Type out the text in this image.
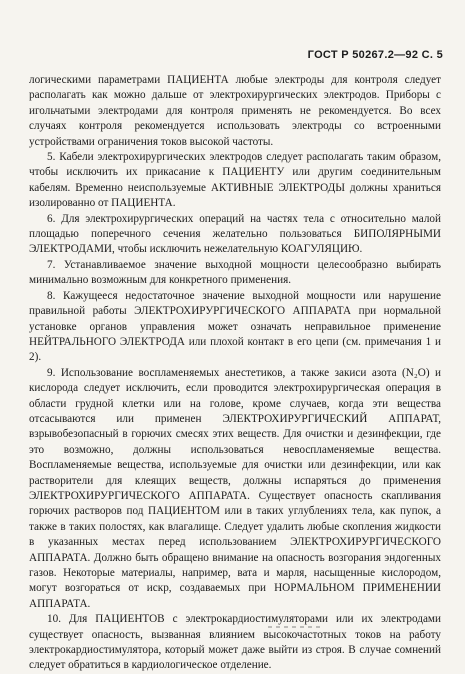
ГОСТ Р 50267.2—92 С. 5

логическими параметрами ПАЦИЕНТА любые электроды для контроля следует располагать как можно дальше от электрохирургических электродов. Приборы с игольчатыми электродами для контроля применять не рекомендуется. Во всех случаях контроля рекомендуется использовать электроды со встроенными устройствами ограничения токов высокой частоты.

5. Кабели электрохирургических электродов следует располагать таким образом, чтобы исключить их прикасание к ПАЦИЕНТУ или другим соединительным кабелям. Временно неиспользуемые АКТИВНЫЕ ЭЛЕКТРОДЫ должны храниться изолированно от ПАЦИЕНТА.

6. Для электрохирургических операций на частях тела с относительно малой площадью поперечного сечения желательно пользоваться БИПОЛЯРНЫМИ ЭЛЕКТРОДАМИ, чтобы исключить нежелательную КОАГУЛЯЦИЮ.

7. Устанавливаемое значение выходной мощности целесообразно выбирать минимально возможным для конкретного применения.

8. Кажущееся недостаточное значение выходной мощности или нарушение правильной работы ЭЛЕКТРОХИРУРГИЧЕСКОГО АППАРАТА при нормальной установке органов управления может означать неправильное применение НЕЙТРАЛЬНОГО ЭЛЕКТРОДА или плохой контакт в его цепи (см. примечания 1 и 2).

9. Использование воспламеняемых анестетиков, а также закиси азота (N₂O) и кислорода следует исключить, если проводится электрохирургическая операция в области грудной клетки или на голове, кроме случаев, когда эти вещества отсасываются или применен ЭЛЕКТРОХИРУРГИЧЕСКИЙ АППАРАТ, взрывобезопасный в горючих смесях этих веществ. Для очистки и дезинфекции, где это возможно, должны использоваться невоспламеняемые вещества. Воспламеняемые вещества, используемые для очистки или дезинфекции, или как растворители для клеящих веществ, должны испаряться до применения ЭЛЕКТРОХИРУРГИЧЕСКОГО АППАРАТА. Существует опасность скапливания горючих растворов под ПАЦИЕНТОМ или в таких углублениях тела, как пупок, а также в таких полостях, как влагалище. Следует удалить любые скопления жидкости в указанных местах перед использованием ЭЛЕКТРОХИРУРГИЧЕСКОГО АППАРАТА. Должно быть обращено внимание на опасность возгорания эндогенных газов. Некоторые материалы, например, вата и марля, насыщенные кислородом, могут возгораться от искр, создаваемых при НОРМАЛЬНОМ ПРИМЕНЕНИИ АППАРАТА.

10. Для ПАЦИЕНТОВ с электрокардиостимуляторами или их электродами существует опасность, вызванная влиянием высокочастотных токов на работу электрокардиостимулятора, который может даже выйти из строя. В случае сомнений следует обратиться в кардиологическое отделение.
